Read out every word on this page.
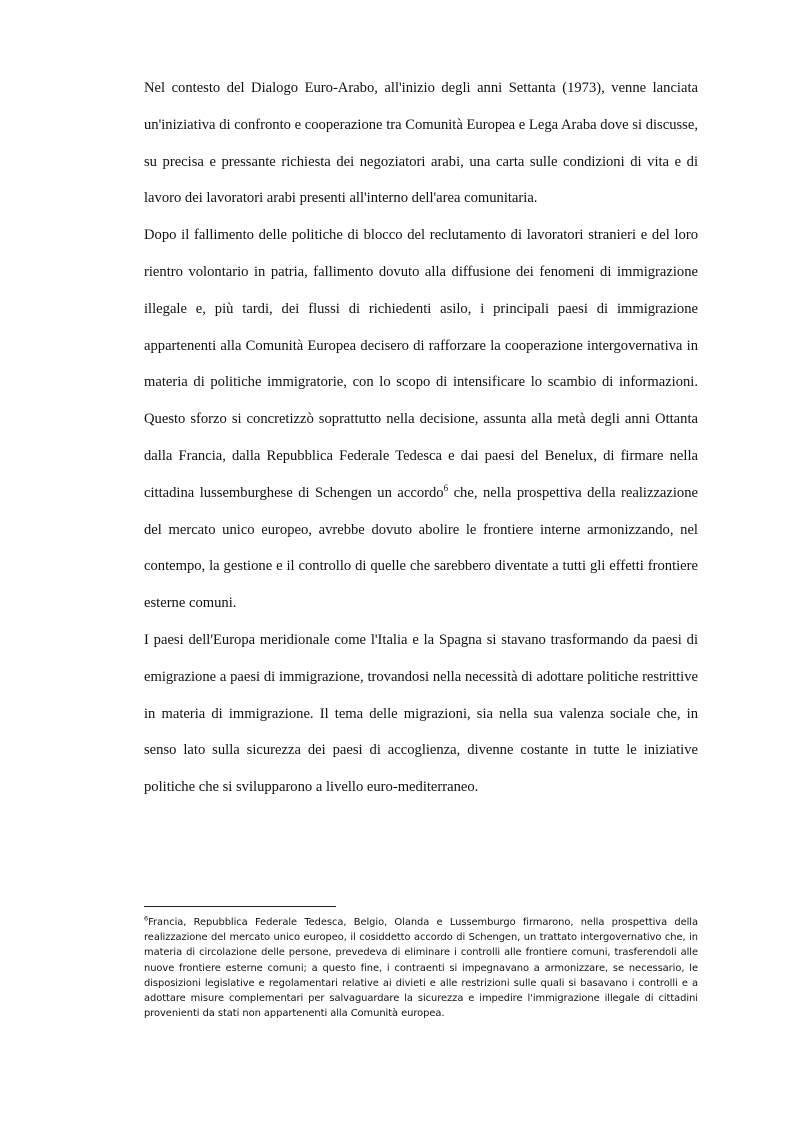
Nel contesto del Dialogo Euro-Arabo, all'inizio degli anni Settanta (1973), venne lanciata un'iniziativa di confronto e cooperazione tra Comunità Europea e Lega Araba dove si discusse, su precisa e pressante richiesta dei negoziatori arabi, una carta sulle condizioni di vita e di lavoro dei lavoratori arabi presenti all'interno dell'area comunitaria.

Dopo il fallimento delle politiche di blocco del reclutamento di lavoratori stranieri e del loro rientro volontario in patria, fallimento dovuto alla diffusione dei fenomeni di immigrazione illegale e, più tardi, dei flussi di richiedenti asilo, i principali paesi di immigrazione appartenenti alla Comunità Europea decisero di rafforzare la cooperazione intergovernativa in materia di politiche immigratorie, con lo scopo di intensificare lo scambio di informazioni. Questo sforzo si concretizzò soprattutto nella decisione, assunta alla metà degli anni Ottanta dalla Francia, dalla Repubblica Federale Tedesca e dai paesi del Benelux, di firmare nella cittadina lussemburghese di Schengen un accordo$^6$ che, nella prospettiva della realizzazione del mercato unico europeo, avrebbe dovuto abolire le frontiere interne armonizzando, nel contempo, la gestione e il controllo di quelle che sarebbero diventate a tutti gli effetti frontiere esterne comuni.

I paesi dell'Europa meridionale come l'Italia e la Spagna si stavano trasformando da paesi di emigrazione a paesi di immigrazione, trovandosi nella necessità di adottare politiche restrittive in materia di immigrazione. Il tema delle migrazioni, sia nella sua valenza sociale che, in senso lato sulla sicurezza dei paesi di accoglienza, divenne costante in tutte le iniziative politiche che si svilupparono a livello euro-mediterraneo.

$^6$Francia, Repubblica Federale Tedesca, Belgio, Olanda e Lussemburgo firmarono, nella prospettiva della realizzazione del mercato unico europeo, il cosiddetto accordo di Schengen, un trattato intergovernativo che, in materia di circolazione delle persone, prevedeva di eliminare i controlli alle frontiere comuni, trasferendoli alle nuove frontiere esterne comuni; a questo fine, i contraenti si impegnavano a armonizzare, se necessario, le disposizioni legislative e regolamentari relative ai divieti e alle restrizioni sulle quali si basavano i controlli e a adottare misure complementari per salvaguardare la sicurezza e impedire l'immigrazione illegale di cittadini provenienti da stati non appartenenti alla Comunità europea.
